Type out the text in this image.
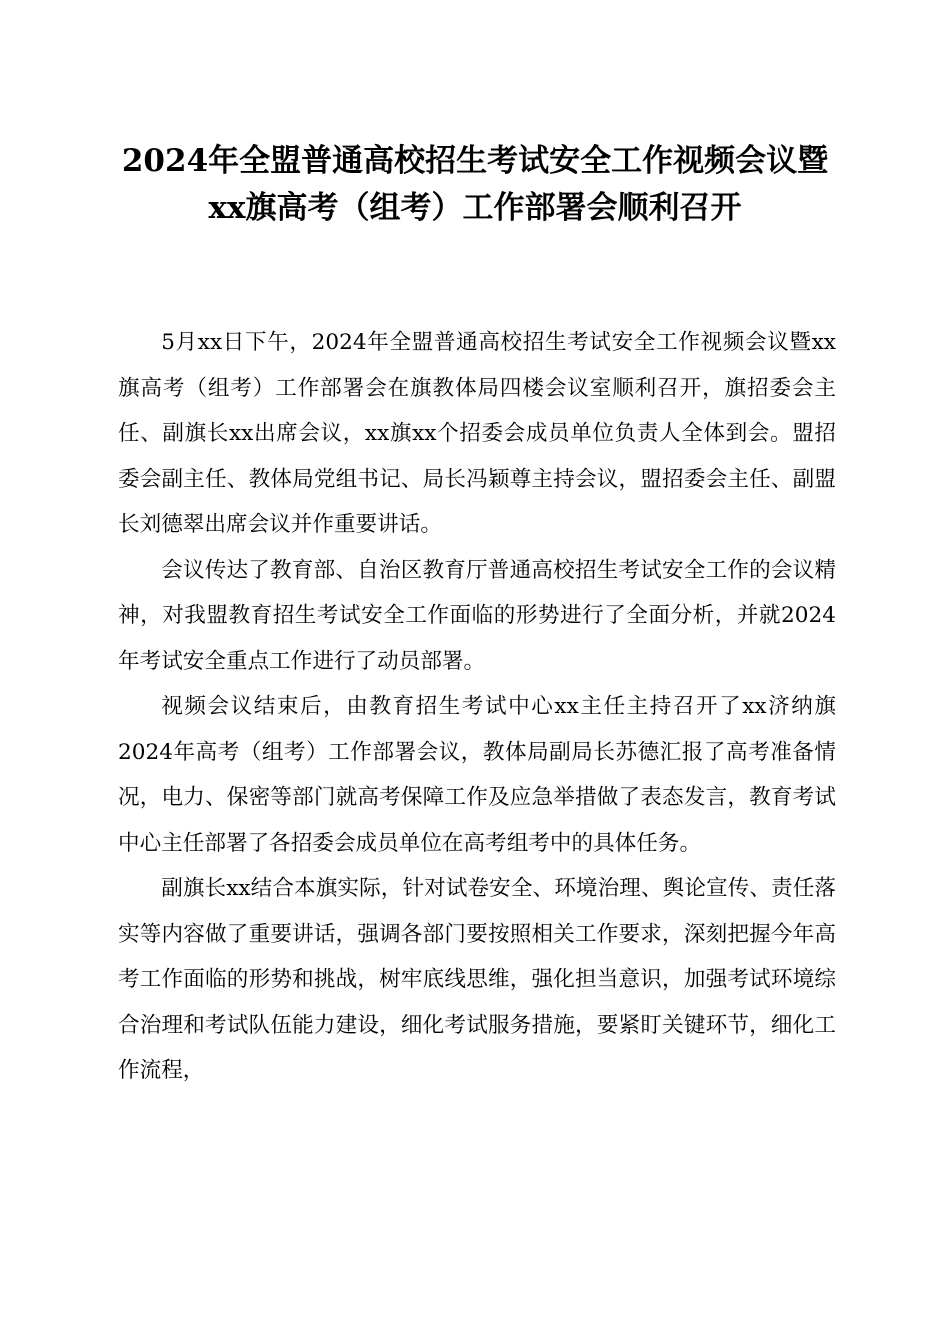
2024年全盟普通高校招生考试安全工作视频会议暨xx旗高考（组考）工作部署会顺利召开

5月xx日下午，2024年全盟普通高校招生考试安全工作视频会议暨xx旗高考（组考）工作部署会在旗教体局四楼会议室顺利召开，旗招委会主任、副旗长xx出席会议，xx旗xx个招委会成员单位负责人全体到会。盟招委会副主任、教体局党组书记、局长冯颖尊主持会议，盟招委会主任、副盟长刘德翠出席会议并作重要讲话。

会议传达了教育部、自治区教育厅普通高校招生考试安全工作的会议精神，对我盟教育招生考试安全工作面临的形势进行了全面分析，并就2024年考试安全重点工作进行了动员部署。

视频会议结束后，由教育招生考试中心xx主任主持召开了xx济纳旗2024年高考（组考）工作部署会议，教体局副局长苏德汇报了高考准备情况，电力、保密等部门就高考保障工作及应急举措做了表态发言，教育考试中心主任部署了各招委会成员单位在高考组考中的具体任务。

副旗长xx结合本旗实际，针对试卷安全、环境治理、舆论宣传、责任落实等内容做了重要讲话，强调各部门要按照相关工作要求，深刻把握今年高考工作面临的形势和挑战，树牢底线思维，强化担当意识，加强考试环境综合治理和考试队伍能力建设，细化考试服务措施，要紧盯关键环节，细化工作流程，
